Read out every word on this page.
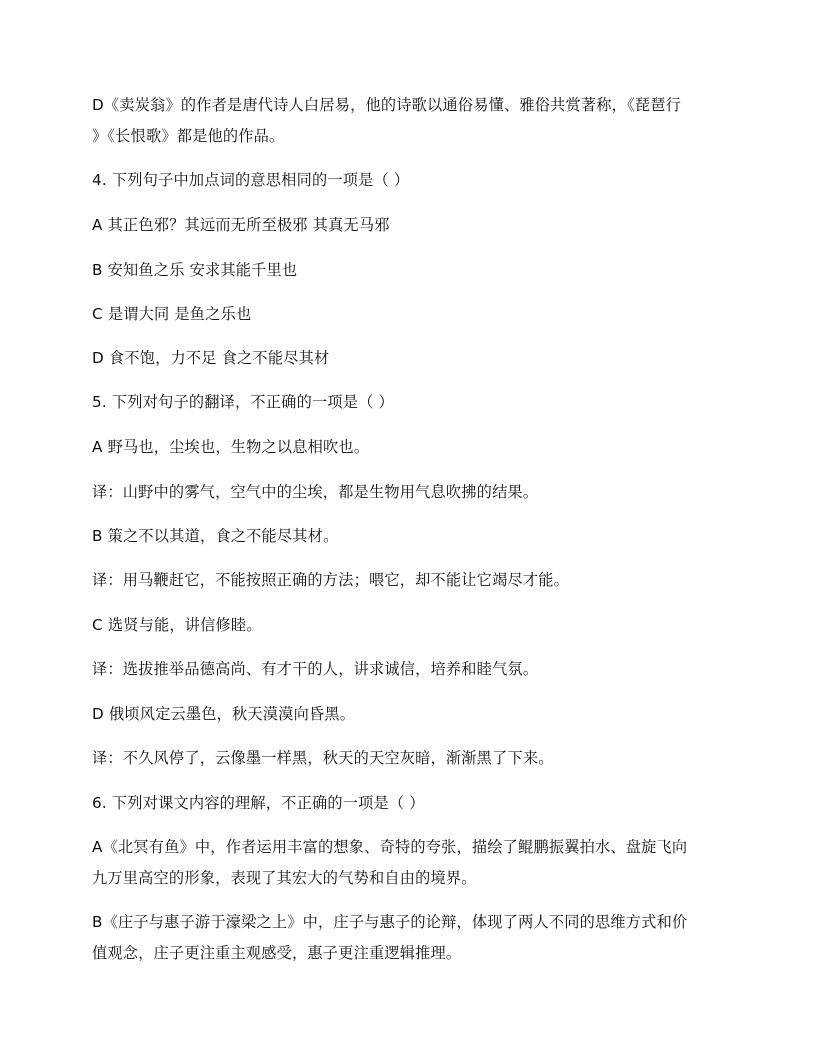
D《卖炭翁》的作者是唐代诗人白居易，他的诗歌以通俗易懂、雅俗共赏著称，《琵琶行
》《长恨歌》都是他的作品。
4. 下列句子中加点词的意思相同的一项是（ ）
A 其正色邪？其远而无所至极邪 其真无马邪
B 安知鱼之乐 安求其能千里也
C 是谓大同 是鱼之乐也
D 食不饱，力不足 食之不能尽其材
5. 下列对句子的翻译，不正确的一项是（ ）
A 野马也，尘埃也，生物之以息相吹也。
译：山野中的雾气，空气中的尘埃，都是生物用气息吹拂的结果。
B 策之不以其道，食之不能尽其材。
译：用马鞭赶它，不能按照正确的方法；喂它，却不能让它竭尽才能。
C 选贤与能，讲信修睦。
译：选拔推举品德高尚、有才干的人，讲求诚信，培养和睦气氛。
D 俄顷风定云墨色，秋天漠漠向昏黑。
译：不久风停了，云像墨一样黑，秋天的天空灰暗，渐渐黑了下来。
6. 下列对课文内容的理解，不正确的一项是（ ）
A《北冥有鱼》中，作者运用丰富的想象、奇特的夸张，描绘了鲲鹏振翼拍水、盘旋飞向
九万里高空的形象，表现了其宏大的气势和自由的境界。
B《庄子与惠子游于濠梁之上》中，庄子与惠子的论辩，体现了两人不同的思维方式和价
值观念，庄子更注重主观感受，惠子更注重逻辑推理。
